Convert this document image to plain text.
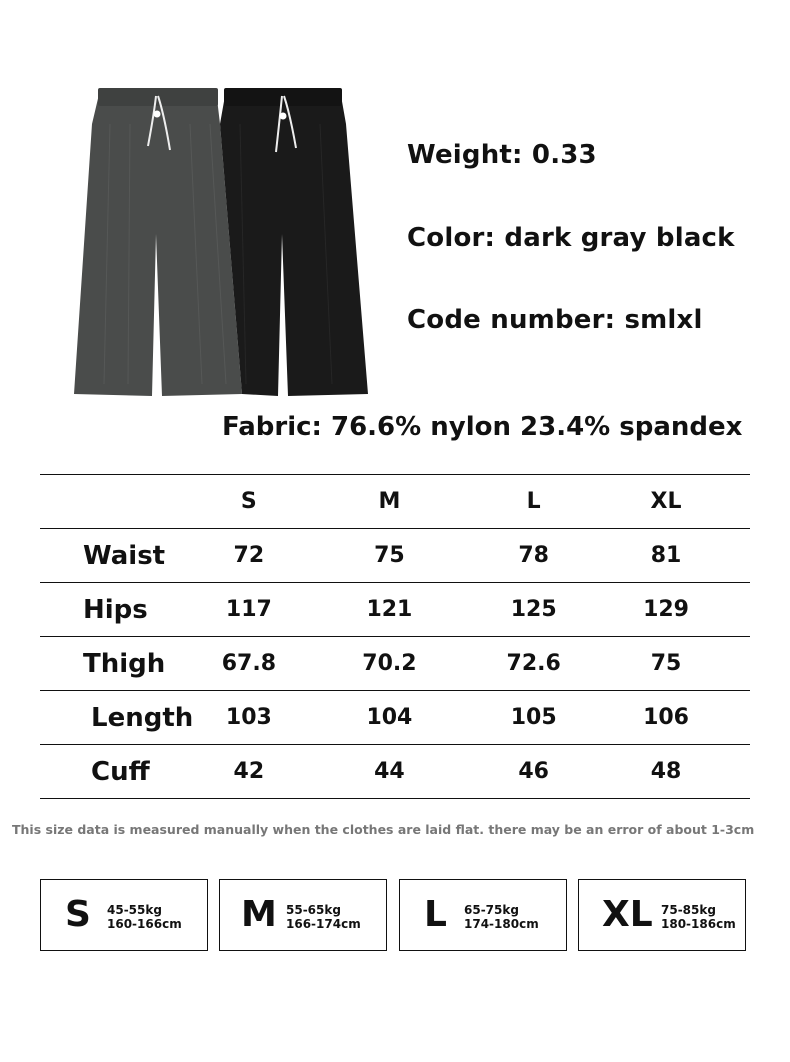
Weight: 0.33
Color: dark gray black
Code number: smlxl
Fabric: 76.6% nylon 23.4% spandex
	S	M	L	XL
Waist	72	75	78	81
Hips	117	121	125	129
Thigh	67.8	70.2	72.6	75
Length	103	104	105	106
Cuff	42	44	46	48
This size data is measured manually when the clothes are laid flat. there may be an error of about 1-3cm
S 45-55kg
160-166cm M 55-65kg
166-174cm L 65-75kg
174-180cm XL 75-85kg
180-186cm
